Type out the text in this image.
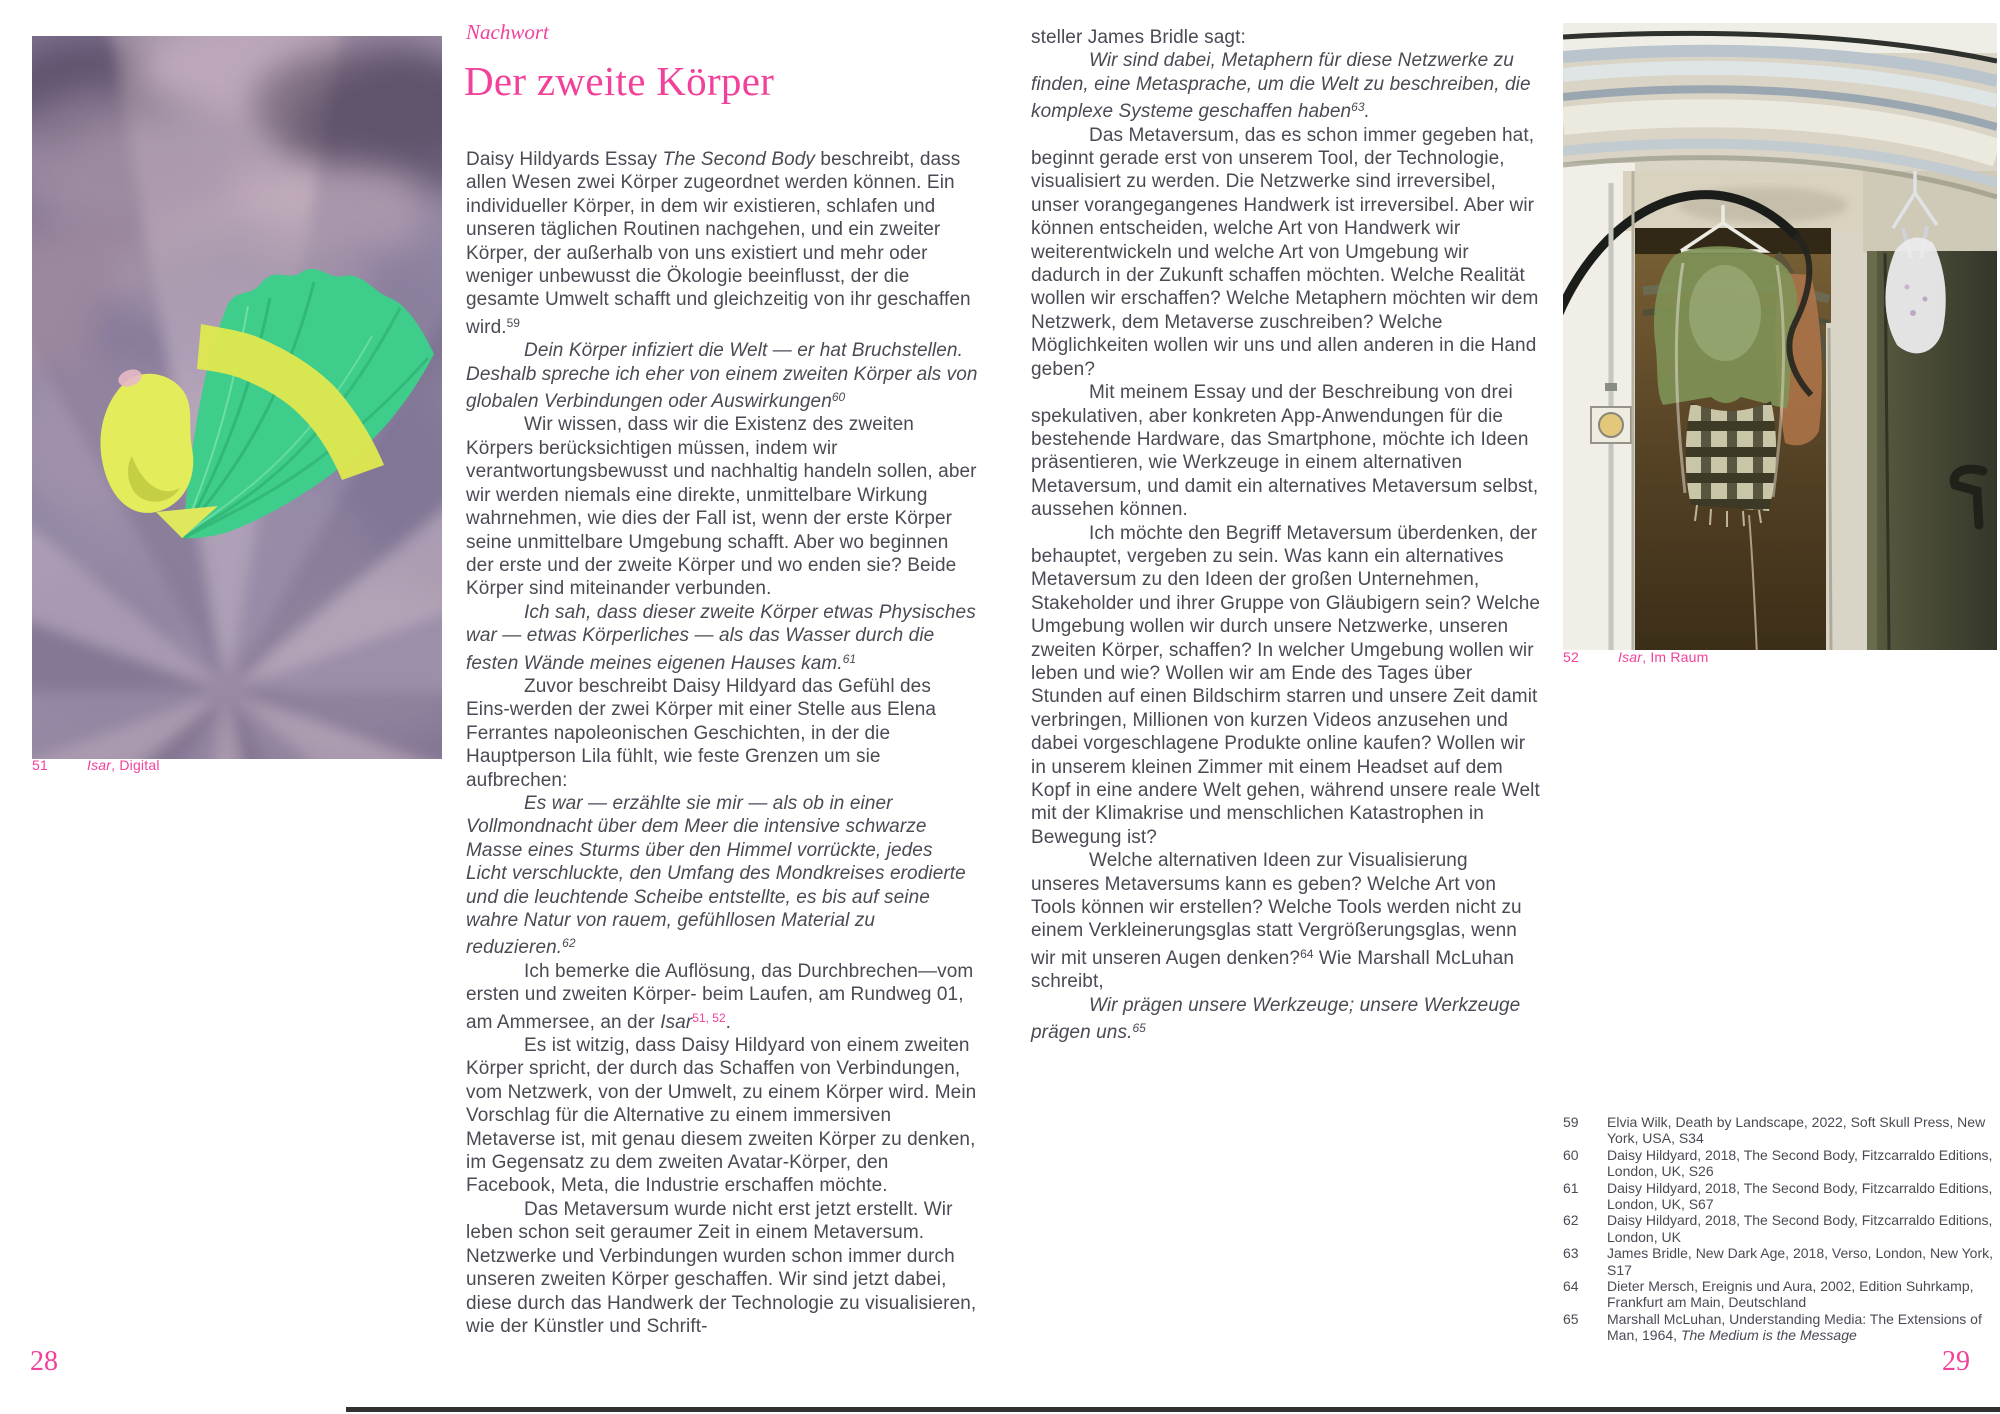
51	Isar, Digital
Nachwort
Der zweite Körper

Daisy Hildyards Essay The Second Body beschreibt, dass allen Wesen zwei Körper zugeordnet werden können. Ein individueller Körper, in dem wir existieren, schlafen und unseren täglichen Routinen nachgehen, und ein zweiter Körper, der außerhalb von uns existiert und mehr oder weniger unbewusst die Ökologie beeinflusst, der die gesamte Umwelt schafft und gleichzeitig von ihr geschaffen wird.$^{59}$

Dein Körper infiziert die Welt — er hat Bruchstellen. Deshalb spreche ich eher von einem zweiten Körper als von globalen Verbindungen oder Auswirkungen$^{60}$

Wir wissen, dass wir die Existenz des zweiten Körpers berücksichtigen müssen, indem wir verantwortungsbewusst und nachhaltig handeln sollen, aber wir werden niemals eine direkte, unmittelbare Wirkung wahrnehmen, wie dies der Fall ist, wenn der erste Körper seine unmittelbare Umgebung schafft. Aber wo beginnen der erste und der zweite Körper und wo enden sie? Beide Körper sind miteinander verbunden.

Ich sah, dass dieser zweite Körper etwas Physisches war — etwas Körperliches — als das Wasser durch die festen Wände meines eigenen Hauses kam.$^{61}$

Zuvor beschreibt Daisy Hildyard das Gefühl des Eins-werden der zwei Körper mit einer Stelle aus Elena Ferrantes napoleonischen Geschichten, in der die Hauptperson Lila fühlt, wie feste Grenzen um sie aufbrechen:

Es war — erzählte sie mir — als ob in einer Vollmondnacht über dem Meer die intensive schwarze Masse eines Sturms über den Himmel vorrückte, jedes Licht verschluckte, den Umfang des Mondkreises erodierte und die leuchtende Scheibe entstellte, es bis auf seine wahre Natur von rauem, gefühllosen Material zu reduzieren.$^{62}$

Ich bemerke die Auflösung, das Durchbrechen—vom ersten und zweiten Körper- beim Laufen, am Rundweg 01, am Ammersee, an der Isar$^{51, 52}$.

Es ist witzig, dass Daisy Hildyard von einem zweiten Körper spricht, der durch das Schaffen von Verbindungen, vom Netzwerk, von der Umwelt, zu einem Körper wird. Mein Vorschlag für die Alternative zu einem immersiven Metaverse ist, mit genau diesem zweiten Körper zu denken, im Gegensatz zu dem zweiten Avatar-Körper, den Facebook, Meta, die Industrie erschaffen möchte.

Das Metaversum wurde nicht erst jetzt erstellt. Wir leben schon seit geraumer Zeit in einem Metaversum. Netzwerke und Verbindungen wurden schon immer durch unseren zweiten Körper geschaffen. Wir sind jetzt dabei, diese durch das Handwerk der Technologie zu visualisieren, wie der Künstler und Schrift-

steller James Bridle sagt:

Wir sind dabei, Metaphern für diese Netzwerke zu finden, eine Metasprache, um die Welt zu beschreiben, die komplexe Systeme geschaffen haben$^{63}$.

Das Metaversum, das es schon immer gegeben hat, beginnt gerade erst von unserem Tool, der Technologie, visualisiert zu werden. Die Netzwerke sind irreversibel, unser vorangegangenes Handwerk ist irreversibel. Aber wir können entscheiden, welche Art von Handwerk wir weiterentwickeln und welche Art von Umgebung wir dadurch in der Zukunft schaffen möchten. Welche Realität wollen wir erschaffen? Welche Metaphern möchten wir dem Netzwerk, dem Metaverse zuschreiben? Welche Möglichkeiten wollen wir uns und allen anderen in die Hand geben?

Mit meinem Essay und der Beschreibung von drei spekulativen, aber konkreten App-Anwendungen für die bestehende Hardware, das Smartphone, möchte ich Ideen präsentieren, wie Werkzeuge in einem alternativen Metaversum, und damit ein alternatives Metaversum selbst, aussehen können.

Ich möchte den Begriff Metaversum überdenken, der behauptet, vergeben zu sein. Was kann ein alternatives Metaversum zu den Ideen der großen Unternehmen, Stakeholder und ihrer Gruppe von Gläubigern sein? Welche Umgebung wollen wir durch unsere Netzwerke, unseren zweiten Körper, schaffen? In welcher Umgebung wollen wir leben und wie? Wollen wir am Ende des Tages über Stunden auf einen Bildschirm starren und unsere Zeit damit verbringen, Millionen von kurzen Videos anzusehen und dabei vorgeschlagene Produkte online kaufen? Wollen wir in unserem kleinen Zimmer mit einem Headset auf dem Kopf in eine andere Welt gehen, während unsere reale Welt mit der Klimakrise und menschlichen Katastrophen in Bewegung ist?

Welche alternativen Ideen zur Visualisierung unseres Metaversums kann es geben? Welche Art von Tools können wir erstellen? Welche Tools werden nicht zu einem Verkleinerungsglas statt Vergrößerungsglas, wenn wir mit unseren Augen denken?$^{64}$ Wie Marshall McLuhan schreibt,

Wir prägen unsere Werkzeuge; unsere Werkzeuge prägen uns.$^{65}$

52	Isar, Im Raum
59	Elvia Wilk, Death by Landscape, 2022, Soft Skull Press, New York, USA, S34
60	Daisy Hildyard, 2018, The Second Body, Fitzcarraldo Editions, London, UK, S26
61	Daisy Hildyard, 2018, The Second Body, Fitzcarraldo Editions, London, UK, S67
62	Daisy Hildyard, 2018, The Second Body, Fitzcarraldo Editions, London, UK
63	James Bridle, New Dark Age, 2018, Verso, London, New York, S17
64	Dieter Mersch, Ereignis und Aura, 2002, Edition Suhrkamp, Frankfurt am Main, Deutschland
65	Marshall McLuhan, Understanding Media: The Extensions of Man, 1964, The Medium is the Message
28	29
